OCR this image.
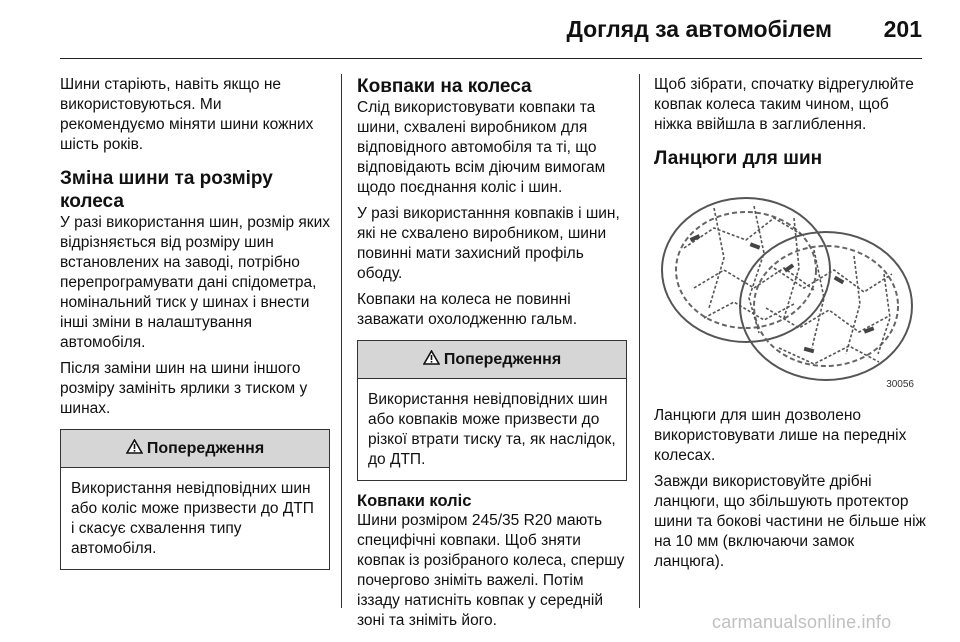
Догляд за автомобілем	201

Шини старіють, навіть якщо не використовуються. Ми рекомендуємо міняти шини кожних шість років.

Зміна шини та розміру колеса

У разі використання шин, розмір яких відрізняється від розміру шин встановлених на заводі, потрібно перепрограмувати дані спідометра, номінальний тиск у шинах і внести інші зміни в налаштування автомобіля.

Після заміни шин на шини іншого розміру замініть ярлики з тиском у шинах.

Попередження
Використання невідповідних шин або коліс може призвести до ДТП і скасує схвалення типу автомобіля.
Ковпаки на колеса

Слід використовувати ковпаки та шини, схвалені виробником для відповідного автомобіля та ті, що відповідають всім діючим вимогам щодо поєднання коліс і шин.

У разі використанння ковпаків і шин, які не схвалено виробником, шини повинні мати захисний профіль ободу.

Ковпаки на колеса не повинні заважати охолодженню гальм.

Попередження
Використання невідповідних шин або ковпаків може призвести до різкої втрати тиску та, як наслідок, до ДТП.
Ковпаки коліс

Шини розміром 245/35 R20 мають специфічні ковпаки. Щоб зняти ковпак із розібраного колеса, спершу почергово зніміть важелі. Потім іззаду натисніть ковпак у середній зоні та зніміть його.

Щоб зібрати, спочатку відрегулюйте ковпак колеса таким чином, щоб ніжка ввійшла в заглиблення.

Ланцюги для шин
30056

Ланцюги для шин дозволено використовувати лише на передніх колесах.

Завжди використовуйте дрібні ланцюги, що збільшують протектор шини та бокові частини не більше ніж на 10 мм (включаючи замок ланцюга).

carmanualsonline.info
